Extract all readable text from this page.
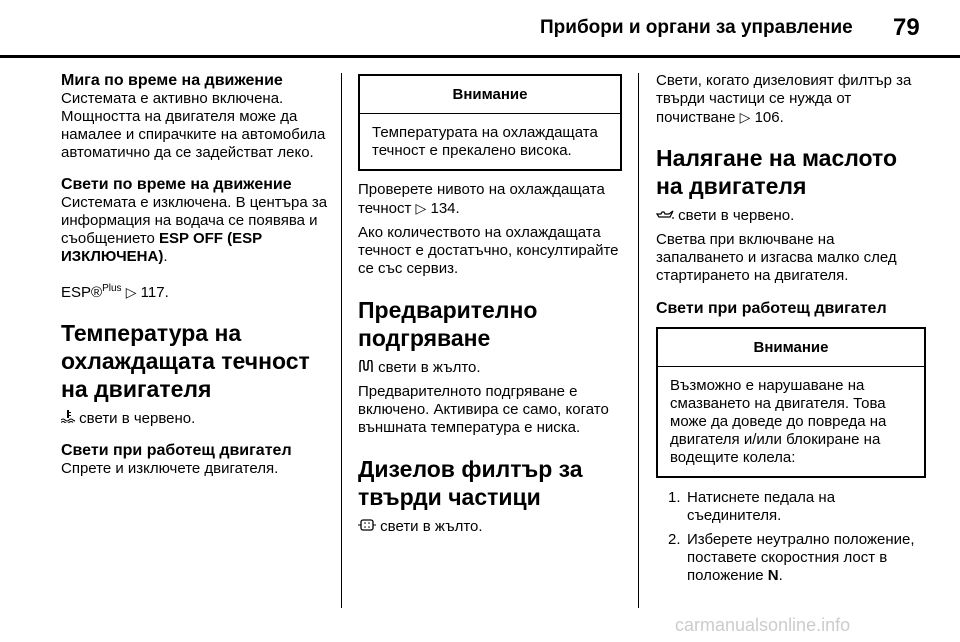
Прибори и органи за управление 79

Мига по време на движение

Системата е активно включена. Мощността на двигателя може да намалее и спирачките на автомобила автоматично да се задействат леко.

Свети по време на движение

Системата е изключена. В центъра за информация на водача се появява и съобщението ESP OFF (ESP ИЗКЛЮЧЕНА).

ESP®$^{Plus}$ ▷ 117.

Температура на охлаждащата течност на двигателя

свети в червено.

Свети при работещ двигател

Спрете и изключете двигателя.

Внимание
Температурата на охлаждащата течност е прекалено висока.

Проверете нивото на охлаждащата течност ▷ 134.

Ако количеството на охлаждащата течност е достатъчно, консултирайте се със сервиз.

Предварително подгряване

свети в жълто.

Предварителното подгряване е включено. Активира се само, когато външната температура е ниска.

Дизелов филтър за твърди частици

свети в жълто.

Свети, когато дизеловият филтър за твърди частици се нужда от почистване ▷ 106.

Налягане на маслото на двигателя

свети в червено.

Светва при включване на запалването и изгасва малко след стартирането на двигателя.

Свети при работещ двигател

Внимание
Възможно е нарушаване на смазването на двигателя. Това може да доведе до повреда на двигателя и/или блокиране на водещите колела:
1. Натиснете педала на съединителя.
2. Изберете неутрално положение, поставете скоростния лост в положение N.
carmanualsonline.info
